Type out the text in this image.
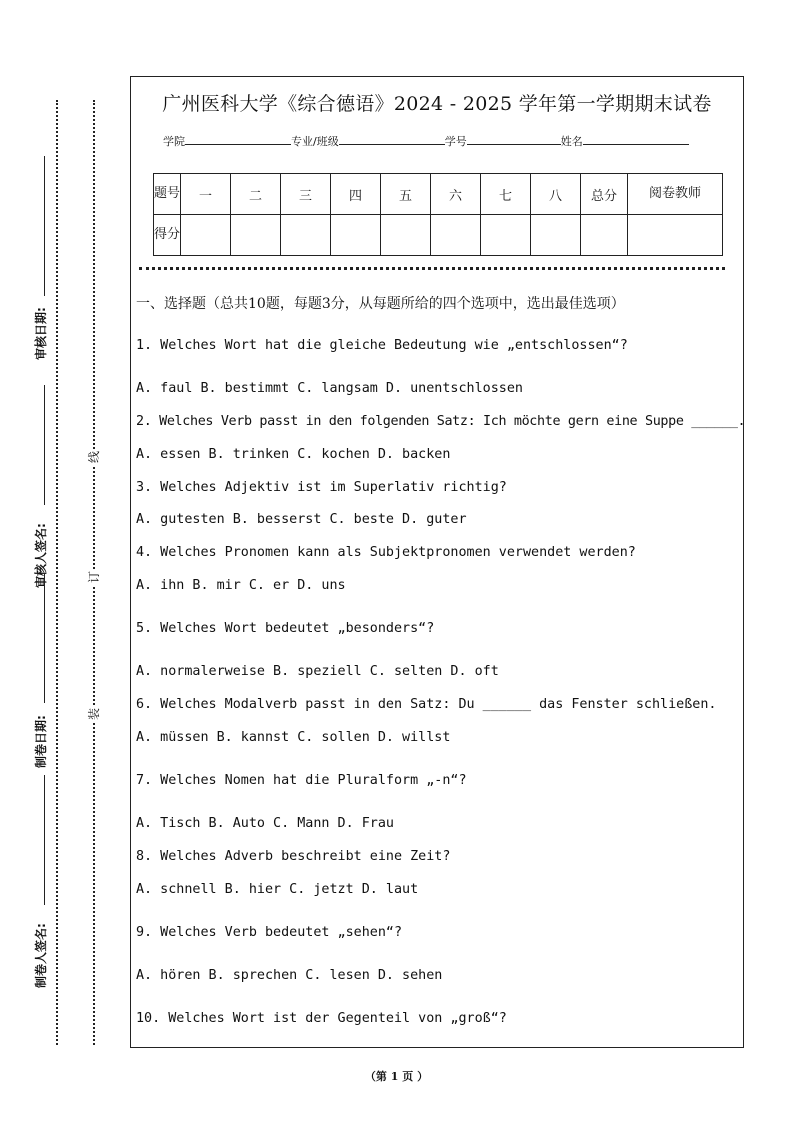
审核日期:
审核人签名:
制卷日期:
制卷人签名:
线
订
装
广州医科大学《综合德语》2024 - 2025 学年第一学期期末试卷
学院	专业/班级	学号	姓名
题号	一	二	三	四	五	六	七	八	总分	阅卷教师
得分										
一、选择题（总共10题，每题3分，从每题所给的四个选项中，选出最佳选项）
1. Welches Wort hat die gleiche Bedeutung wie „entschlossen“?
A. faul B. bestimmt C. langsam D. unentschlossen
2. Welches Verb passt in den folgenden Satz: Ich möchte gern eine Suppe ______.
A. essen B. trinken C. kochen D. backen
3. Welches Adjektiv ist im Superlativ richtig?
A. gutesten B. besserst C. beste D. guter
4. Welches Pronomen kann als Subjektpronomen verwendet werden?
A. ihn B. mir C. er D. uns
5. Welches Wort bedeutet „besonders“?
A. normalerweise B. speziell C. selten D. oft
6. Welches Modalverb passt in den Satz: Du ______ das Fenster schließen.
A. müssen B. kannst C. sollen D. willst
7. Welches Nomen hat die Pluralform „-n“?
A. Tisch B. Auto C. Mann D. Frau
8. Welches Adverb beschreibt eine Zeit?
A. schnell B. hier C. jetzt D. laut
9. Welches Verb bedeutet „sehen“?
A. hören B. sprechen C. lesen D. sehen
10. Welches Wort ist der Gegenteil von „groß“?
（第 1 页 ）
